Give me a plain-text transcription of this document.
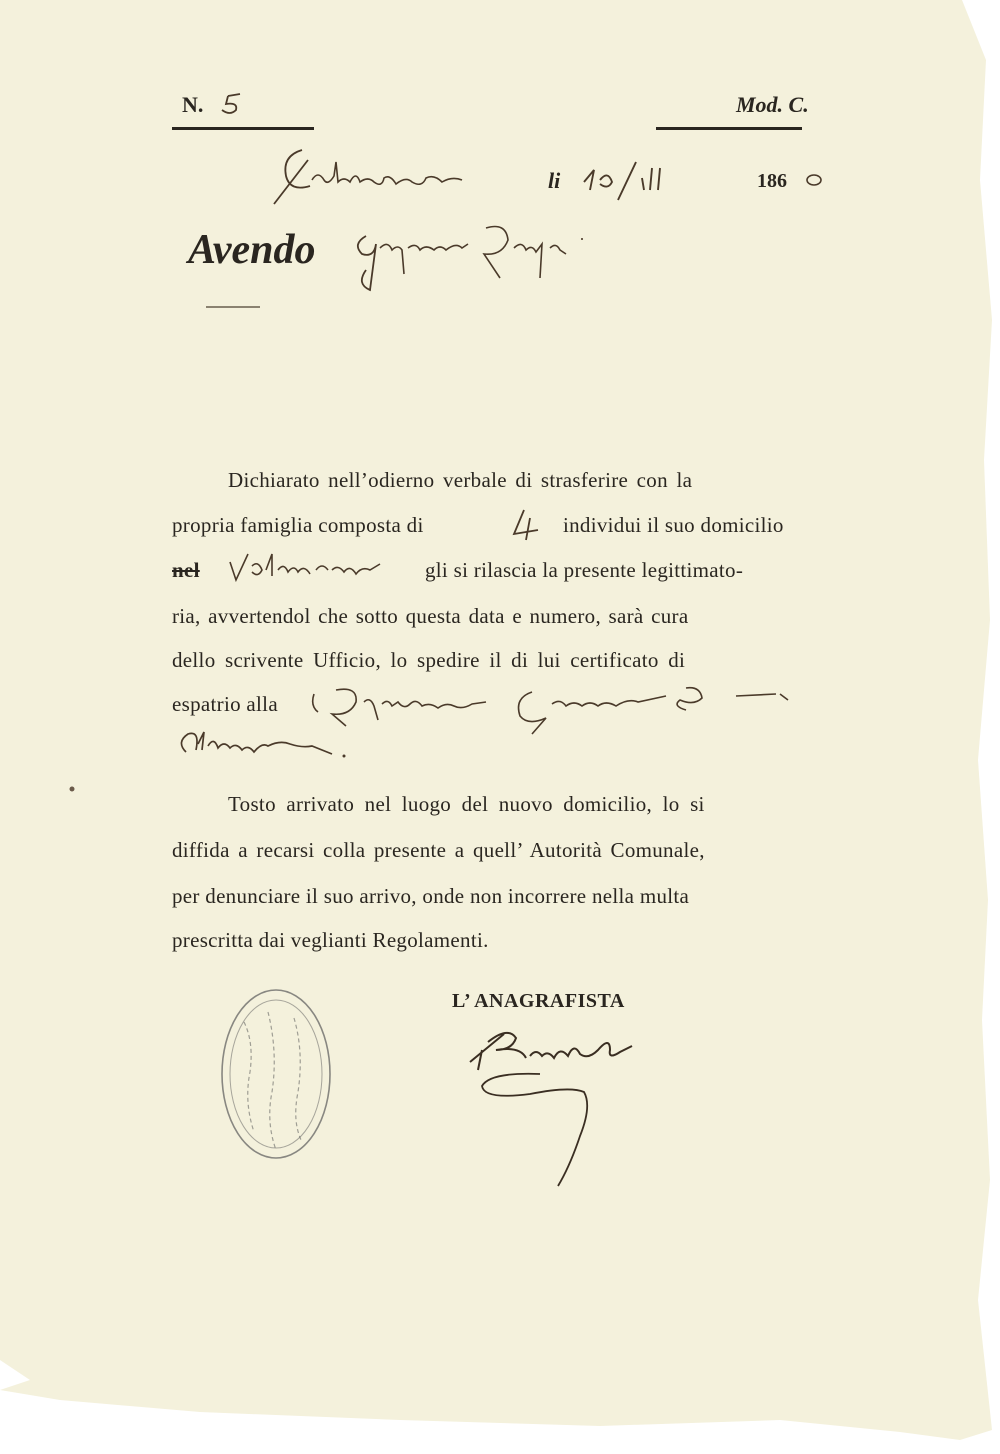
N.	Mod. C.
li	186
Avendo
Dichiarato nell’odierno verbale di strasferire con la
propria famiglia composta di	individui il suo domicilio
nel	gli si rilascia la presente legittimato-
ria, avvertendol che sotto questa data e numero, sarà cura
dello scrivente Ufficio, lo spedire il di lui certificato di
espatrio alla
Tosto arrivato nel luogo del nuovo domicilio, lo si
diffida a recarsi colla presente a quell’ Autorità Comunale,
per denunciare il suo arrivo, onde non incorrere nella multa
prescritta dai veglianti Regolamenti.
L’ ANAGRAFISTA
